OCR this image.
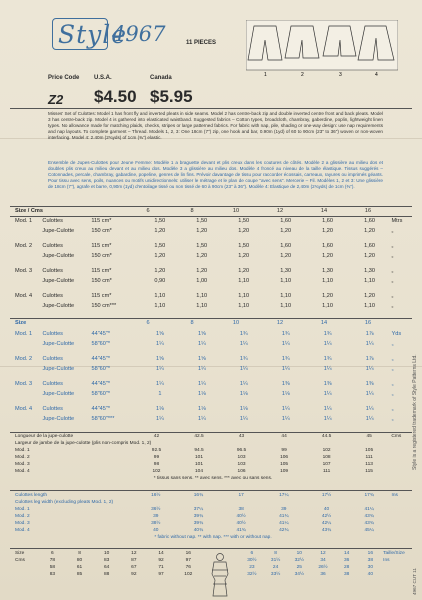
Style
4967	11 PIECES
1	2	3	4
Price Code U.S.A.	Canada
Z2 $4.50 $5.95
Misses' Set of Culottes: Model 1 has front fly and inverted pleats in side seams. Model 2 has centre-back zip and double inverted centre front and back pleats. Model 3 has centre-back zip. Model 4 is gathered into elasticated waistband. Suggested fabrics – Cotton types, broadcloth, chambray, gaberdine, poplin, lightweight linen types. No allowance made for matching plaids, checks, stripes or large patterned fabrics. For fabric with nap, pile, shading or one-way design: use nap requirements and nap layouts. To complete garment – Thread. Models 1, 2, 3: One 18cm (7") zip, one hook and bar, 0.90m (1yd) of 60 to 90cm (23" to 36") woven or non-woven interfacing. Model 4: 2.40m (2¾yds) of 1cm (⅜") elastic.
Ensemble de Jupes-Culottes pour Jeune Femme: Modèle 1 a braguette devant et plis creux dans les coutures de côtés. Modèle 2 a glissière au milieu dos et doubles plis creux au milieu devant et au milieu dos. Modèle 3 a glissière au milieu dos. Modèle 4 froncé au niveau de la taille élastique. Tissus suggérés – Cotonnades, percale, chambray, gabardine, popeline, genres de lin fins. Prévoir davantage de tissu pour raccorder écossais, carreaux, rayures ou imprimés géants. Pour tissu avec sens, poils, nuances ou motifs unidirectionnels: utiliser le métrage et le plan de coupe "avec sens". Mercerie – Fil. Modèles 1, 2 et 3: Une glissière de 18cm (7"), agrafe et barre, 0,90m (1yd) d'entoilage tissé ou non tissé de 60 à 90cm (23" à 36"). Modèle 4: Elastique de 2,40m (2¾yds) de 1cm (⅜").
Size / Cms		6	8	10	12	14	16	
Mod. 1	Culottes	115 cm*	1,50	1,50	1,50	1,60	1,60	1,60	Mtrs
	Jupe-Culotte	150 cm*	1,20	1,20	1,20	1,20	1,20	1,20	„

Mod. 2	Culottes	115 cm*	1,50	1,50	1,50	1,60	1,60	1,60	„
	Jupe-Culotte	150 cm*	1,20	1,20	1,20	1,20	1,20	1,20	„

Mod. 3	Culottes	115 cm*	1,20	1,20	1,20	1,30	1,30	1,30	„
	Jupe-Culotte	150 cm*	0,90	1,00	1,10	1,10	1,10	1,10	„

Mod. 4	Culottes	115 cm*	1,10	1,10	1,10	1,10	1,20	1,20	„
	Jupe-Culotte	150 cm***	1,10	1,10	1,10	1,10	1,10	1,10	„

Size		6	8	10	12	14	16	
Mod. 1	Culottes	44"45"*	1⅝	1⅝	1¾	1¾	1¾	1⅞	Yds
	Jupe-Culotte	58"60"*	1¼	1¼	1¼	1¼	1¼	1¼	„

Mod. 2	Culottes	44"45"*	1⅝	1⅝	1¾	1¾	1¾	1⅞	„
	Jupe-Culotte	58"60"*	1¼	1¼	1¼	1¼	1¼	1¼	„

Mod. 3	Culottes	44"45"*	1¼	1¼	1¼	1⅜	1⅜	1⅜	„
	Jupe-Culotte	58"60"*	1	1⅛	1⅛	1⅛	1¼	1¼	„

Mod. 4	Culottes	44"45"*	1⅛	1⅛	1⅛	1¼	1¼	1¼	„
	Jupe-Culotte	58"60"***	1¼	1¼	1¼	1¼	1¼	1¼	„

Longueur de la jupe-culotte	42	42.5	43	44	44.5	45	Cms
Largeur de jambe de la jupe-culotte (plis non-compris Mod. 1, 2)							
Mod. 1	92.5	94.5	96.5	99	102	105	
Mod. 2	99	101	103	106	108	111	
Mod. 3	98	101	103	105	107	113	
Mod. 4	102	104	106	109	111	115	
* tissus sans sens. ** avec sens. *** avec ou sans sens.							
Culottes length	16½	16¾	17	17¼	17½	17¾	Ins
Culottes leg width (excluding pleats Mod. 1, 2)							
Mod. 1	36½	37¼	38	39	40	41¼	
Mod. 2	39	39¾	40½	41¾	42½	43¾	
Mod. 3	38½	39¾	40½	41¼	42¼	43¾	
Mod. 4	40	40¾	41¾	42¾	43¾	45¼	
* fabric without nap. ** with nap. *** with or without nap.							
Size	6	8	10	12	14	16
Cms	78	80	83	87	92	97
	58	61	64	67	71	76
	83	85	88	92	97	102
6	8	10	12	14	16	Taille/Size
30½	31½	32½	34	36	38	Ins
23	24	25	26½	28	30	
32½	33½	34½	36	38	40	
Style is a registered trademark of Style Patterns Ltd.
4967 CUT 11
